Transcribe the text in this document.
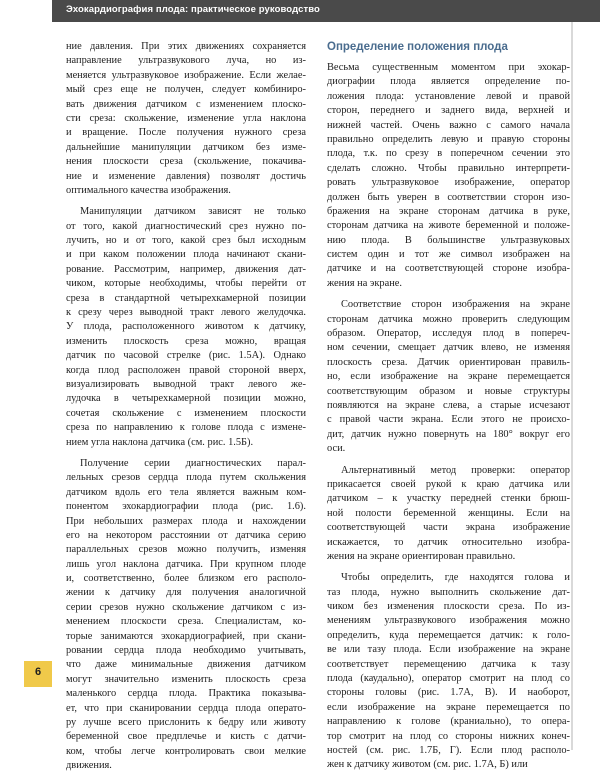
Эхокардиография плода: практическое руководство
ние давления. При этих движениях сохраняется
направление ультразвукового луча, но из-
меняется ультразвуковое изображение. Если желае-
мый срез еще не получен, следует комбиниро-
вать движения датчиком с изменением плоско-
сти среза: скольжение, изменение угла наклона
и вращение. После получения нужного среза
дальнейшие манипуляции датчиком без изме-
нения плоскости среза (скольжение, покачива-
ние и изменение давления) позволят достичь
оптимального качества изображения.
Манипуляции датчиком зависят не только
от того, какой диагностический срез нужно по-
лучить, но и от того, какой срез был исходным
и при каком положении плода начинают скани-
рование. Рассмотрим, например, движения дат-
чиком, которые необходимы, чтобы перейти от
среза в стандартной четырехкамерной позиции
к срезу через выводной тракт левого желудочка.
У плода, расположенного животом к датчику,
изменить плоскость среза можно, вращая
датчик по часовой стрелке (рис. 1.5А). Однако
когда плод расположен правой стороной вверх,
визуализировать выводной тракт левого же-
лудочка в четырехкамерной позиции можно,
сочетая скольжение с изменением плоскости
среза по направлению к голове плода с измене-
нием угла наклона датчика (см. рис. 1.5Б).
Получение серии диагностических парал-
лельных срезов сердца плода путем скольжения
датчиком вдоль его тела является важным ком-
понентом эхокардиографии плода (рис. 1.6).
При небольших размерах плода и нахождении
его на некотором расстоянии от датчика серию
параллельных срезов можно получить, изменяя
лишь угол наклона датчика. При крупном плоде
и, соответственно, более близком его располо-
жении к датчику для получения аналогичной
серии срезов нужно скольжение датчиком с из-
менением плоскости среза. Специалистам, ко-
торые занимаются эхокардиографией, при скани-
ровании сердца плода необходимо учитывать,
что даже минимальные движения датчиком
могут значительно изменить плоскость среза
маленького сердца плода. Практика показыва-
ет, что при сканировании сердца плода операто-
ру лучше всего прислонить к бедру или животу
беременной свое предплечье и кисть с датчи-
ком, чтобы легче контролировать свои мелкие
движения.
Определение положения плода
Весьма существенным моментом при эхокар-
диографии плода является определение по-
ложения плода: установление левой и правой
сторон, переднего и заднего вида, верхней и
нижней частей. Очень важно с самого начала
правильно определить левую и правую стороны
плода, т.к. по срезу в поперечном сечении это
сделать сложно. Чтобы правильно интерпрети-
ровать ультразвуковое изображение, оператор
должен быть уверен в соответствии сторон изо-
бражения на экране сторонам датчика в руке,
сторонам датчика на животе беременной и положе-
нию плода. В большинстве ультразвуковых
систем один и тот же символ изображен на
датчике и на соответствующей стороне изобра-
жения на экране.
Соответствие сторон изображения на экране
сторонам датчика можно проверить следующим
образом. Оператор, исследуя плод в попереч-
ном сечении, смещает датчик влево, не изменяя
плоскость среза. Датчик ориентирован правиль-
но, если изображение на экране перемещается
соответствующим образом и новые структуры
появляются на экране слева, а старые исчезают
с правой части экрана. Если этого не происхо-
дит, датчик нужно повернуть на 180° вокруг его
оси.
Альтернативный метод проверки: оператор
прикасается своей рукой к краю датчика или
датчиком – к участку передней стенки брюш-
ной полости беременной женщины. Если на
соответствующей части экрана изображение
искажается, то датчик относительно изобра-
жения на экране ориентирован правильно.
Чтобы определить, где находятся голова и
таз плода, нужно выполнить скольжение дат-
чиком без изменения плоскости среза. По из-
менениям ультразвукового изображения можно
определить, куда перемещается датчик: к голо-
ве или тазу плода. Если изображение на экране
соответствует перемещению датчика к тазу
плода (каудально), оператор смотрит на плод со
стороны головы (рис. 1.7А, В). И наоборот,
если изображение на экране перемещается по
направлению к голове (краниально), то опера-
тор смотрит на плод со стороны нижних конеч-
ностей (см. рис. 1.7Б, Г). Если плод располо-
жен к датчику животом (см. рис. 1.7А, Б) или
6
